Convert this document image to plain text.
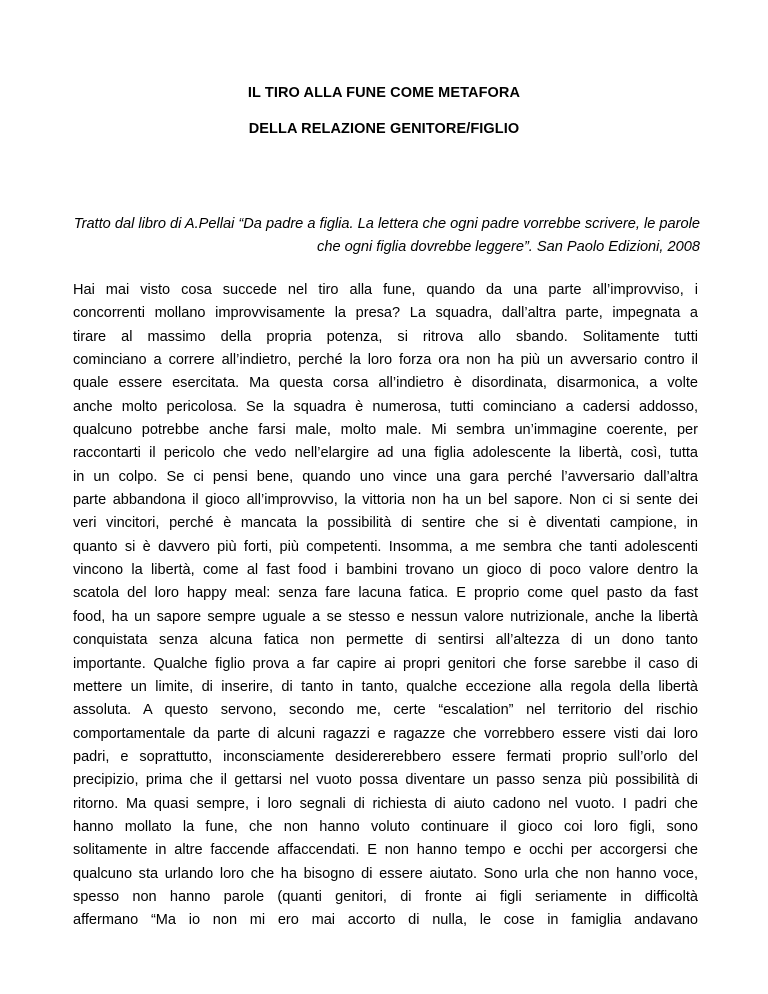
IL TIRO ALLA FUNE COME METAFORA
DELLA RELAZIONE GENITORE/FIGLIO
Tratto dal libro di A.Pellai “Da padre a figlia. La lettera che ogni padre vorrebbe scrivere, le parole che ogni figlia dovrebbe leggere”. San Paolo Edizioni, 2008
Hai mai visto cosa succede nel tiro alla fune, quando da una parte all’improvviso, i
concorrenti mollano improvvisamente la presa? La squadra, dall’altra parte, impegnata a
tirare al massimo della propria potenza, si ritrova allo sbando. Solitamente tutti
cominciano a correre all’indietro, perché la loro forza ora non ha più un avversario contro il
quale essere esercitata. Ma questa corsa all’indietro è disordinata, disarmonica, a volte
anche molto pericolosa. Se la squadra è numerosa, tutti cominciano a cadersi addosso,
qualcuno potrebbe anche farsi male, molto male. Mi sembra un’immagine coerente, per
raccontarti il pericolo che vedo nell’elargire ad una figlia adolescente la libertà, così, tutta
in un colpo. Se ci pensi bene, quando uno vince una gara perché l’avversario dall’altra
parte abbandona il gioco all’improvviso, la vittoria non ha un bel sapore. Non ci si sente dei
veri vincitori, perché è mancata la possibilità di sentire che si è diventati campione, in
quanto si è davvero più forti, più competenti. Insomma, a me sembra che tanti adolescenti
vincono la libertà, come al fast food i bambini trovano un gioco di poco valore dentro la
scatola del loro happy meal: senza fare lacuna fatica. E proprio come quel pasto da fast
food, ha un sapore sempre uguale a se stesso e nessun valore nutrizionale, anche la libertà
conquistata senza alcuna fatica non permette di sentirsi all’altezza di un dono tanto
importante. Qualche figlio prova a far capire ai propri genitori che forse sarebbe il caso di
mettere un limite, di inserire, di tanto in tanto, qualche eccezione alla regola della libertà
assoluta. A questo servono, secondo me, certe “escalation” nel territorio del rischio
comportamentale da parte di alcuni ragazzi e ragazze che vorrebbero essere visti dai loro
padri, e soprattutto, inconsciamente desidererebbero essere fermati proprio sull’orlo del
precipizio, prima che il gettarsi nel vuoto possa diventare un passo senza più possibilità di
ritorno. Ma quasi sempre, i loro segnali di richiesta di aiuto cadono nel vuoto. I padri che
hanno mollato la fune, che non hanno voluto continuare il gioco coi loro figli, sono
solitamente in altre faccende affaccendati. E non hanno tempo e occhi per accorgersi che
qualcuno sta urlando loro che ha bisogno di essere aiutato. Sono urla che non hanno voce,
spesso non hanno parole (quanti genitori, di fronte ai figli seriamente in difficoltà
affermano “Ma io non mi ero mai accorto di nulla, le cose in famiglia andavano
